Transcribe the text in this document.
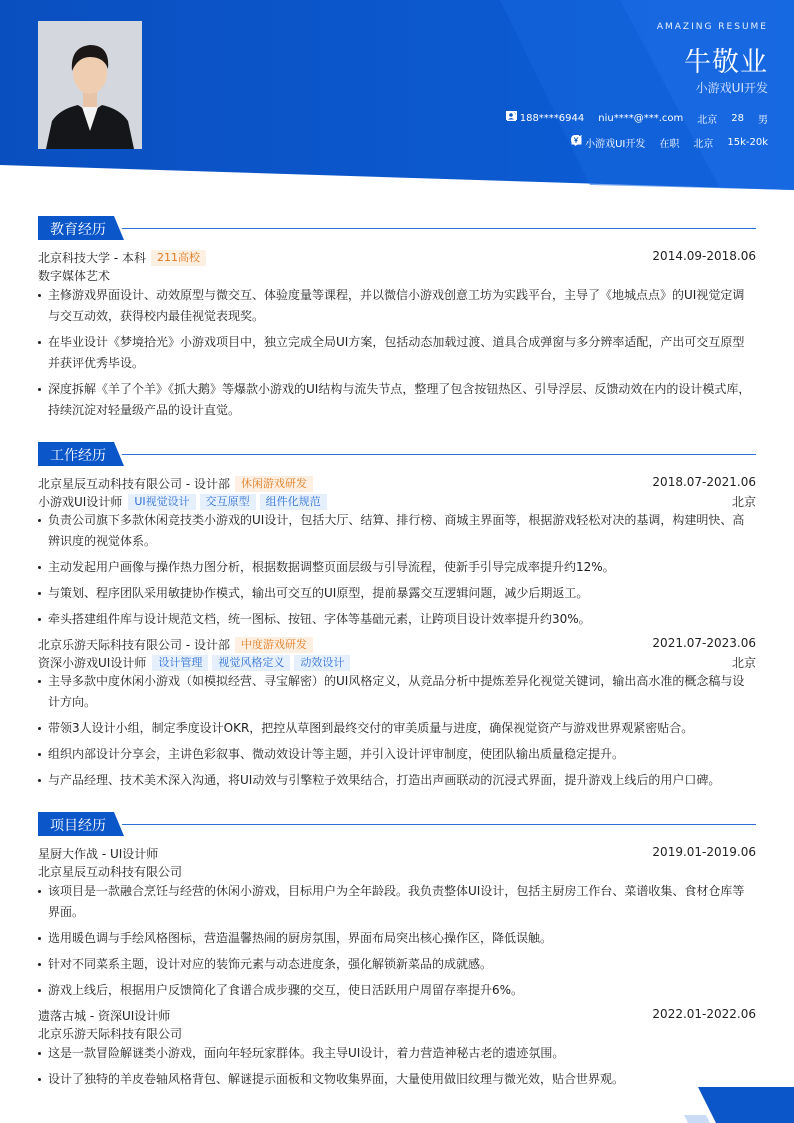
AMAZING RESUME
牛敬业
小游戏UI开发
188****6944 niu****@***.com 北京 28 男
小游戏UI开发 在职 北京 15k-20k
教育经历
北京科技大学 - 本科	211高校	2014.09-2018.06
数字媒体艺术
主修游戏界面设计、动效原型与微交互、体验度量等课程，并以微信小游戏创意工坊为实践平台，主导了《地城点点》的UI视觉定调与交互动效，获得校内最佳视觉表现奖。
在毕业设计《梦境拾光》小游戏项目中，独立完成全局UI方案，包括动态加载过渡、道具合成弹窗与多分辨率适配，产出可交互原型并获评优秀毕设。
深度拆解《羊了个羊》《抓大鹅》等爆款小游戏的UI结构与流失节点，整理了包含按钮热区、引导浮层、反馈动效在内的设计模式库，持续沉淀对轻量级产品的设计直觉。
工作经历
北京星辰互动科技有限公司 - 设计部	休闲游戏研发	2018.07-2021.06
小游戏UI设计师	UI视觉设计	交互原型	组件化规范	北京
负责公司旗下多款休闲竞技类小游戏的UI设计，包括大厅、结算、排行榜、商城主界面等，根据游戏轻松对决的基调，构建明快、高辨识度的视觉体系。
主动发起用户画像与操作热力图分析，根据数据调整页面层级与引导流程，使新手引导完成率提升约12%。
与策划、程序团队采用敏捷协作模式，输出可交互的UI原型，提前暴露交互逻辑问题，减少后期返工。
牵头搭建组件库与设计规范文档，统一图标、按钮、字体等基础元素，让跨项目设计效率提升约30%。
北京乐游天际科技有限公司 - 设计部	中度游戏研发	2021.07-2023.06
资深小游戏UI设计师	设计管理	视觉风格定义	动效设计	北京
主导多款中度休闲小游戏（如模拟经营、寻宝解密）的UI风格定义，从竞品分析中提炼差异化视觉关键词，输出高水准的概念稿与设计方向。
带领3人设计小组，制定季度设计OKR，把控从草图到最终交付的审美质量与进度，确保视觉资产与游戏世界观紧密贴合。
组织内部设计分享会，主讲色彩叙事、微动效设计等主题，并引入设计评审制度，使团队输出质量稳定提升。
与产品经理、技术美术深入沟通，将UI动效与引擎粒子效果结合，打造出声画联动的沉浸式界面，提升游戏上线后的用户口碑。
项目经历
星厨大作战 - UI设计师	2019.01-2019.06
北京星辰互动科技有限公司
该项目是一款融合烹饪与经营的休闲小游戏，目标用户为全年龄段。我负责整体UI设计，包括主厨房工作台、菜谱收集、食材仓库等界面。
选用暖色调与手绘风格图标，营造温馨热闹的厨房氛围，界面布局突出核心操作区，降低误触。
针对不同菜系主题，设计对应的装饰元素与动态进度条，强化解锁新菜品的成就感。
游戏上线后，根据用户反馈简化了食谱合成步骤的交互，使日活跃用户周留存率提升6%。
遗落古城 - 资深UI设计师	2022.01-2022.06
北京乐游天际科技有限公司
这是一款冒险解谜类小游戏，面向年轻玩家群体。我主导UI设计，着力营造神秘古老的遗迹氛围。
设计了独特的羊皮卷轴风格背包、解谜提示面板和文物收集界面，大量使用做旧纹理与微光效，贴合世界观。
